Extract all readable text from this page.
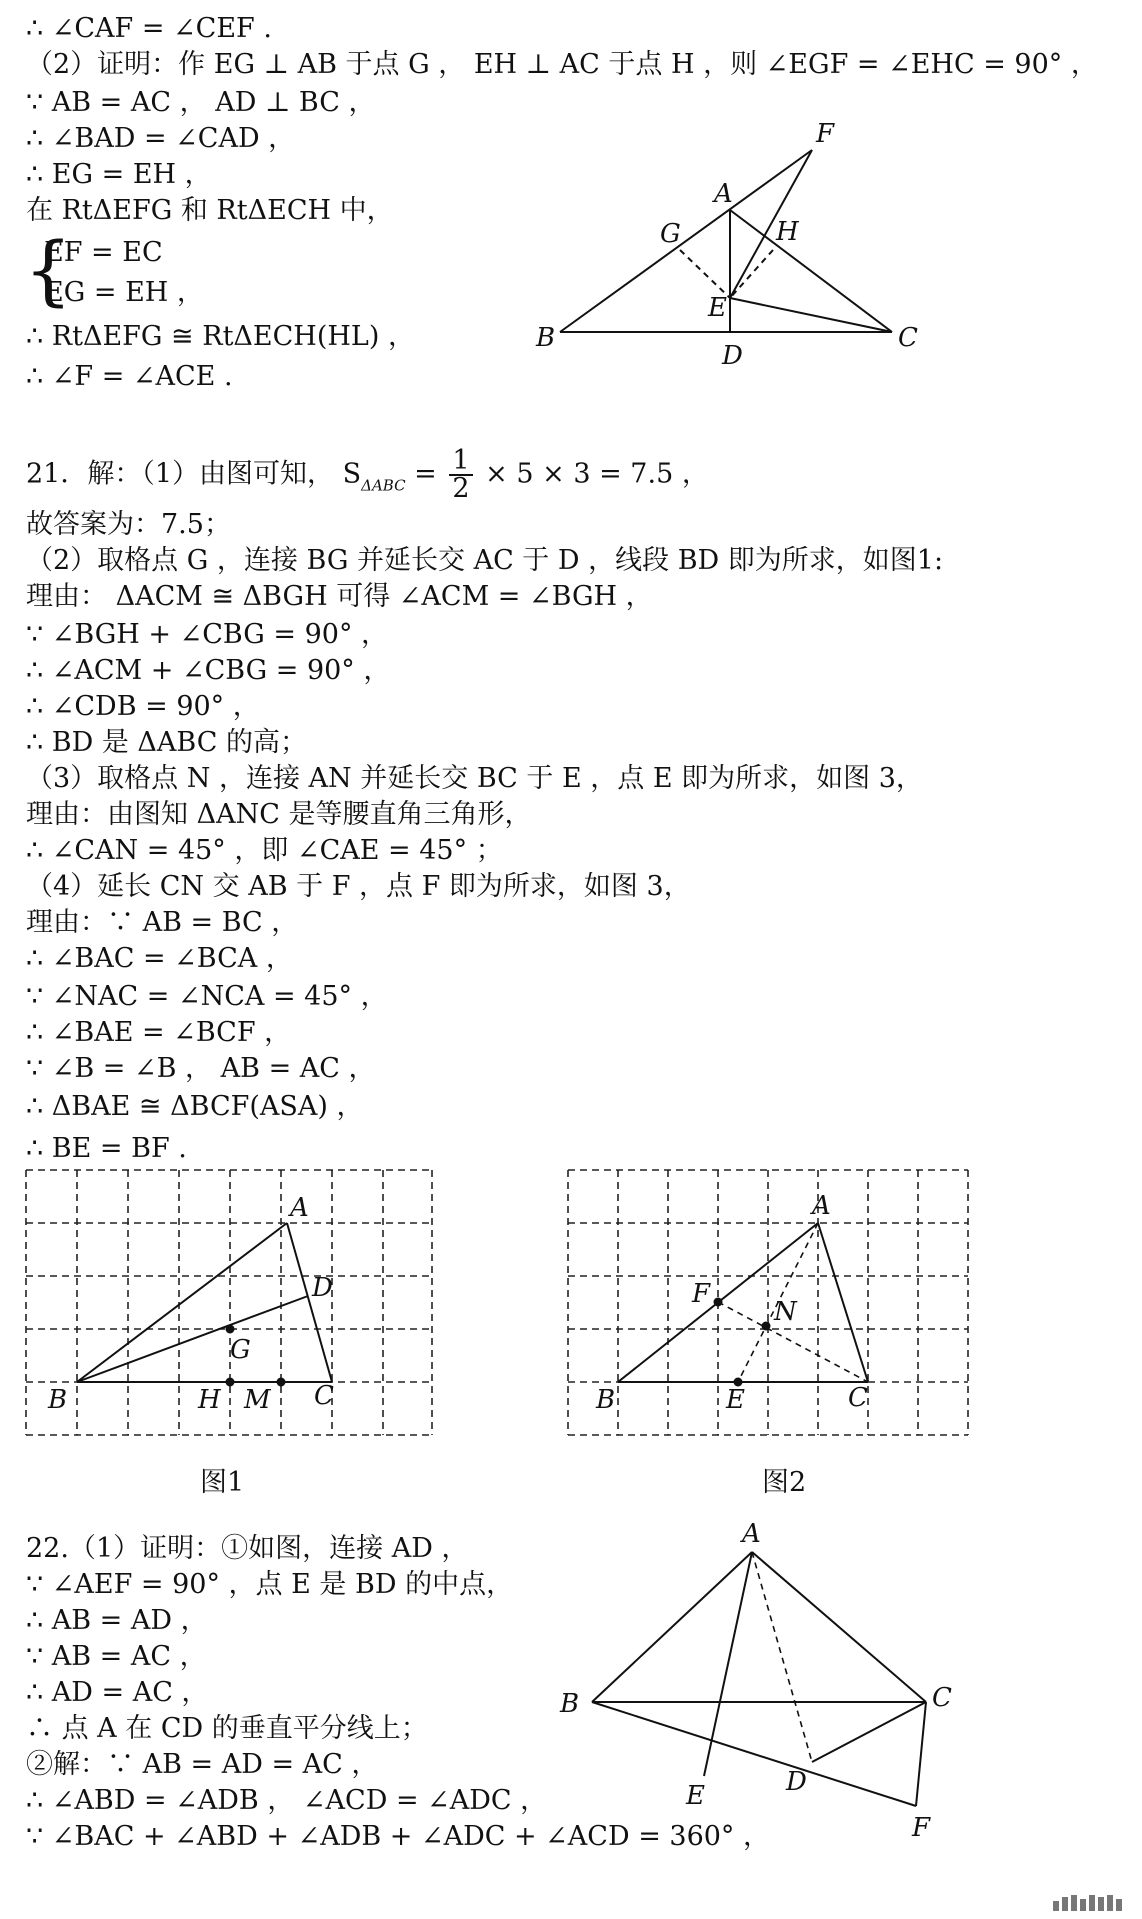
∴ ∠CAF = ∠CEF .
（2）证明：作 EG ⊥ AB 于点 G ， EH ⊥ AC 于点 H ，则 ∠EGF = ∠EHC = 90° ，
∵ AB = AC ， AD ⊥ BC ，
∴ ∠BAD = ∠CAD ，
∴ EG = EH ，
在 RtΔEFG 和 RtΔECH 中，
{
EF = EC
EG = EH ，
∴ RtΔEFG ≅ RtΔECH(HL) ，
∴ ∠F = ∠ACE .
F
A
G	H
E
B
D
C
21．解：（1）由图可知， $S_{\Delta ABC} = \frac{1}{2} \times 5 \times 3 = 7.5$ ，
故答案为：7.5；
（2）取格点 G ，连接 BG 并延长交 AC 于 D ，线段 BD 即为所求，如图1:
理由： ΔACM ≅ ΔBGH 可得 ∠ACM = ∠BGH ，
∵ ∠BGH + ∠CBG = 90° ，
∴ ∠ACM + ∠CBG = 90° ，
∴ ∠CDB = 90° ，
∴ BD 是 ΔABC 的高；
（3）取格点 N ，连接 AN 并延长交 BC 于 E ，点 E 即为所求，如图 3，
理由：由图知 ΔANC 是等腰直角三角形，
∴ ∠CAN = 45° ，即 ∠CAE = 45° ；
（4）延长 CN 交 AB 于 F ，点 F 即为所求，如图 3，
理由：∵ AB = BC ，
∴ ∠BAC = ∠BCA ，
∵ ∠NAC = ∠NCA = 45° ，
∴ ∠BAE = ∠BCF ，
∵ ∠B = ∠B ， AB = AC ，
∴ ΔBAE ≅ ΔBCF(ASA) ，
∴ BE = BF .
A
D
G
B	H M C
A
F
N
B	E	C
图1	图2
22.（1）证明：①如图，连接 AD ，
∵ ∠AEF = 90° ，点 E 是 BD 的中点，
∴ AB = AD ，
∵ AB = AC ，
∴ AD = AC ，
∴ 点 A 在 CD 的垂直平分线上；
②解：∵ AB = AD = AC ，
∴ ∠ABD = ∠ADB ， ∠ACD = ∠ADC ，
∵ ∠BAC + ∠ABD + ∠ADB + ∠ADC + ∠ACD = 360° ，
A
B	C
E	D
F
